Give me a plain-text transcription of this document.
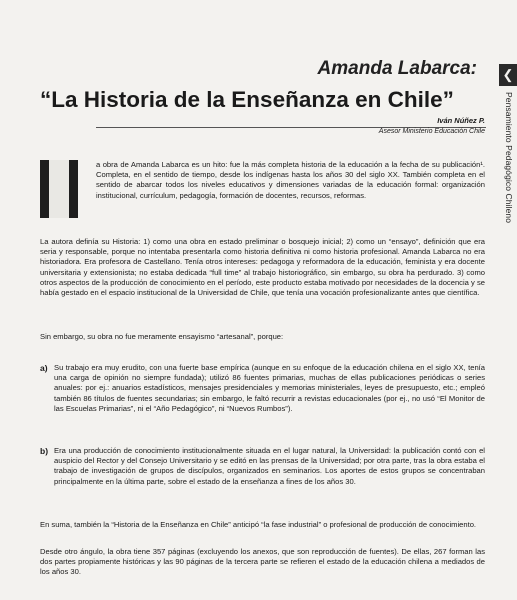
Amanda Labarca:
“La Historia de la Enseñanza en Chile”
Iván Núñez P.
Asesor Ministerio Educación Chile
❮
Pensamiento Pedagógico Chileno

a obra de Amanda Labarca es un hito: fue la más completa historia de la educación a la fecha de su publicación¹. Completa, en el sentido de tiempo, desde los indígenas hasta los años 30 del siglo XX. También completa en el sentido de abarcar todos los niveles educativos y dimensiones variadas de la educación formal: organización institucional, currículum, pedagogía, formación de docentes, recursos, reformas.

La autora definía su Historia: 1) como una obra en estado preliminar o bosquejo inicial; 2) como un “ensayo”, definición que era seria y responsable, porque no intentaba presentarla como historia definitiva ni como historia profesional. Amanda Labarca no era historiadora. Era profesora de Castellano. Tenía otros intereses: pedagoga y reformadora de la educación, feminista y era docente universitaria y extensionista; no estaba dedicada “full time” al trabajo historiográfico, sin embargo, su obra ha perdurado. 3) como otros aspectos de la producción de conocimiento en el período, este producto estaba motivado por necesidades de la docencia y se había gestado en el espacio institucional de la Universidad de Chile, que tenía una vocación profesionalizante antes que científica.

Sin embargo, su obra no fue meramente ensayismo “artesanal”, porque:

a) Su trabajo era muy erudito, con una fuerte base empírica (aunque en su enfoque de la educación chilena en el siglo XX, tenía una carga de opinión no siempre fundada); utilizó 86 fuentes primarias, muchas de ellas publicaciones periódicas o series anuales: por ej.: anuarios estadísticos, mensajes presidenciales y memorias ministeriales, leyes de presupuesto, etc.; empleó también 86 títulos de fuentes secundarias; sin embargo, le faltó recurrir a revistas educacionales (por ej., no usó “El Monitor de las Escuelas Primarias”, ni el “Año Pedagógico”, ni “Nuevos Rumbos”).
b) Era una producción de conocimiento institucionalmente situada en el lugar natural, la Universidad: la publicación contó con el auspicio del Rector y del Consejo Universitario y se editó en las prensas de la Universidad; por otra parte, tras la obra estaba el trabajo de investigación de grupos de discípulos, organizados en seminarios. Los aportes de estos grupos se concentraban principalmente en la última parte, sobre el estado de la enseñanza a fines de los años 30.

En suma, también la “Historia de la Enseñanza en Chile” anticipó “la fase industrial” o profesional de producción de conocimiento.

Desde otro ángulo, la obra tiene 357 páginas (excluyendo los anexos, que son reproducción de fuentes). De ellas, 267 forman las dos partes propiamente históricas y las 90 páginas de la tercera parte se refieren el estado de la educación chilena a mediados de los años 30.
